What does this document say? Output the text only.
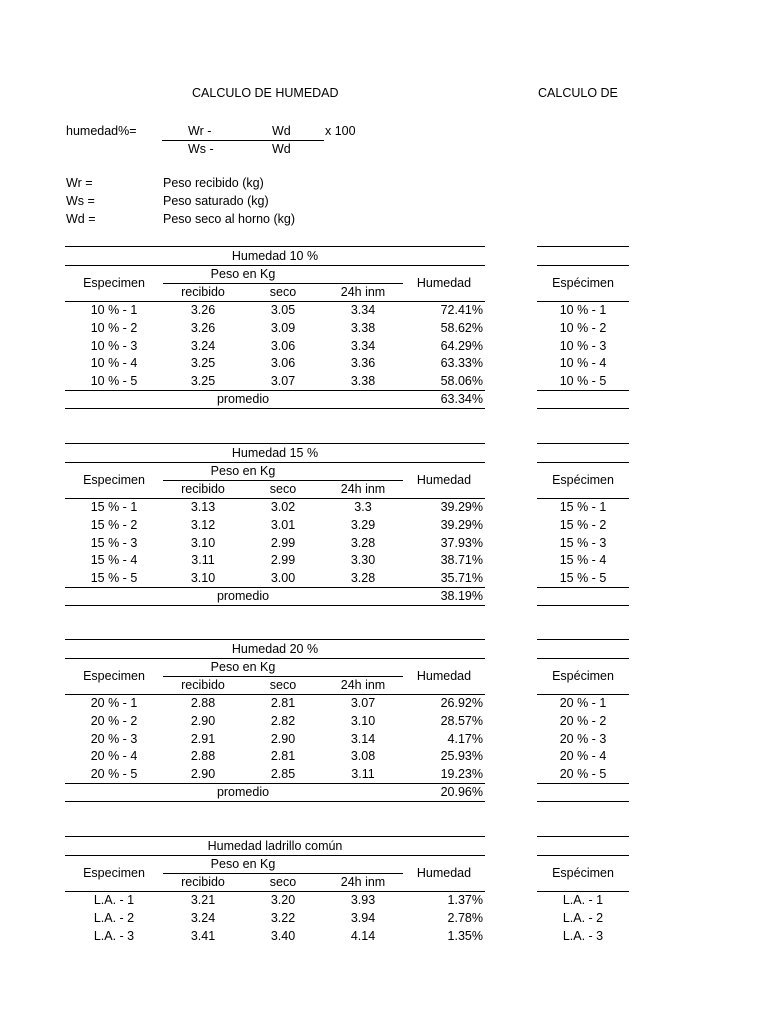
CALCULO DE HUMEDAD	CALCULO DE
humedad%=	Wr -	Wd	x 100
Ws -	Wd
Wr =	Peso recibido (kg)
Ws =	Peso saturado (kg)
Wd =	Peso seco al horno (kg)
Humedad 10 %
Especimen
Peso en Kg
recibido	seco	24h inm
Humedad
10 % - 1	3.26	3.05	3.34	72.41%
10 % - 2	3.26	3.09	3.38	58.62%
10 % - 3	3.24	3.06	3.34	64.29%
10 % - 4	3.25	3.06	3.36	63.33%
10 % - 5	3.25	3.07	3.38	58.06%
promedio	63.34%
Espécimen
10 % - 1
10 % - 2
10 % - 3
10 % - 4
10 % - 5
Humedad 15 %
Especimen
Peso en Kg
recibido	seco	24h inm
Humedad
15 % - 1	3.13	3.02	3.3	39.29%
15 % - 2	3.12	3.01	3.29	39.29%
15 % - 3	3.10	2.99	3.28	37.93%
15 % - 4	3.11	2.99	3.30	38.71%
15 % - 5	3.10	3.00	3.28	35.71%
promedio	38.19%
Espécimen
15 % - 1
15 % - 2
15 % - 3
15 % - 4
15 % - 5
Humedad 20 %
Especimen
Peso en Kg
recibido	seco	24h inm
Humedad
20 % - 1	2.88	2.81	3.07	26.92%
20 % - 2	2.90	2.82	3.10	28.57%
20 % - 3	2.91	2.90	3.14	4.17%
20 % - 4	2.88	2.81	3.08	25.93%
20 % - 5	2.90	2.85	3.11	19.23%
promedio	20.96%
Espécimen
20 % - 1
20 % - 2
20 % - 3
20 % - 4
20 % - 5
Humedad ladrillo común
Especimen
Peso en Kg
recibido	seco	24h inm
Humedad
L.A. - 1	3.21	3.20	3.93	1.37%
L.A. - 2	3.24	3.22	3.94	2.78%
L.A. - 3	3.41	3.40	4.14	1.35%
Espécimen
L.A. - 1
L.A. - 2
L.A. - 3
